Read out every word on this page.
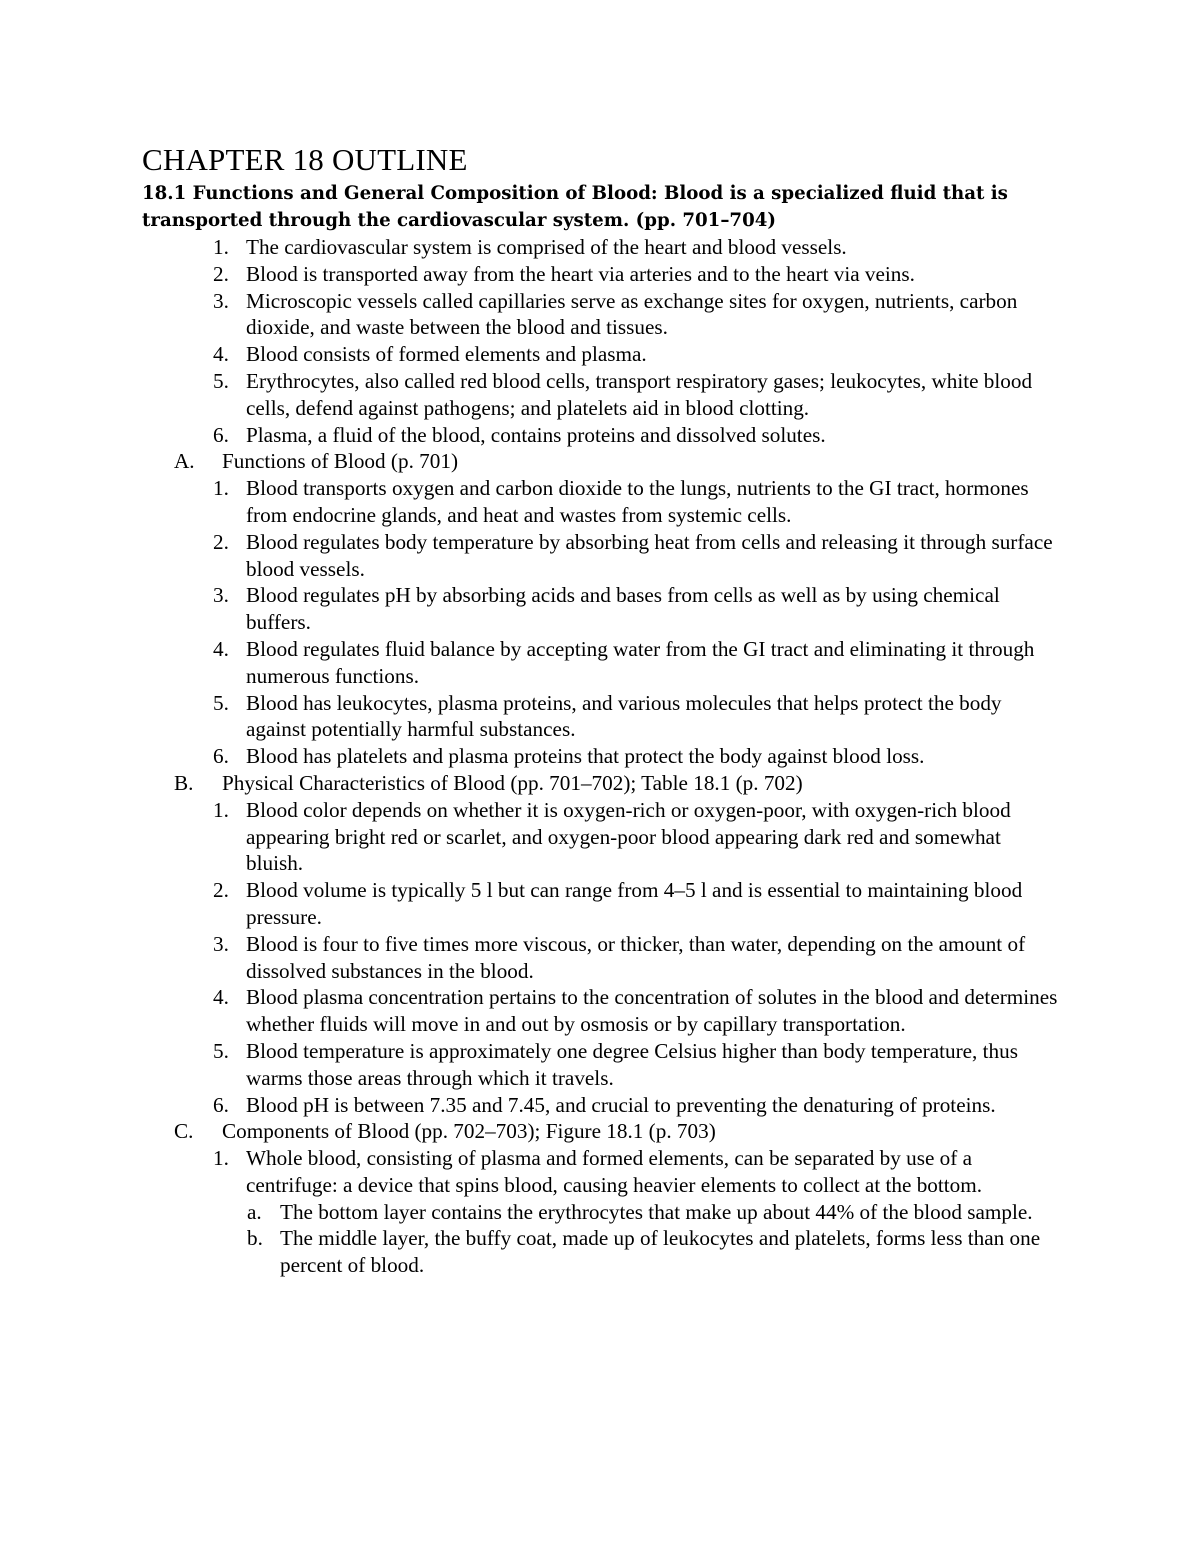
CHAPTER 18 OUTLINE

18.1 Functions and General Composition of Blood: Blood is a specialized fluid that is transported through the cardiovascular system. (pp. 701–704)

1. The cardiovascular system is comprised of the heart and blood vessels.
2. Blood is transported away from the heart via arteries and to the heart via veins.
3. Microscopic vessels called capillaries serve as exchange sites for oxygen, nutrients, carbon dioxide, and waste between the blood and tissues.
4. Blood consists of formed elements and plasma.
5. Erythrocytes, also called red blood cells, transport respiratory gases; leukocytes, white blood cells, defend against pathogens; and platelets aid in blood clotting.
6. Plasma, a fluid of the blood, contains proteins and dissolved solutes.
A. Functions of Blood (p. 701)
1. Blood transports oxygen and carbon dioxide to the lungs, nutrients to the GI tract, hormones from endocrine glands, and heat and wastes from systemic cells.
2. Blood regulates body temperature by absorbing heat from cells and releasing it through surface blood vessels.
3. Blood regulates pH by absorbing acids and bases from cells as well as by using chemical buffers.
4. Blood regulates fluid balance by accepting water from the GI tract and eliminating it through numerous functions.
5. Blood has leukocytes, plasma proteins, and various molecules that helps protect the body against potentially harmful substances.
6. Blood has platelets and plasma proteins that protect the body against blood loss.
B. Physical Characteristics of Blood (pp. 701–702); Table 18.1 (p. 702)
1. Blood color depends on whether it is oxygen-rich or oxygen-poor, with oxygen-rich blood appearing bright red or scarlet, and oxygen-poor blood appearing dark red and somewhat bluish.
2. Blood volume is typically 5 l but can range from 4–5 l and is essential to maintaining blood pressure.
3. Blood is four to five times more viscous, or thicker, than water, depending on the amount of dissolved substances in the blood.
4. Blood plasma concentration pertains to the concentration of solutes in the blood and determines whether fluids will move in and out by osmosis or by capillary transportation.
5. Blood temperature is approximately one degree Celsius higher than body temperature, thus warms those areas through which it travels.
6. Blood pH is between 7.35 and 7.45, and crucial to preventing the denaturing of proteins.
C. Components of Blood (pp. 702–703); Figure 18.1 (p. 703)
1. Whole blood, consisting of plasma and formed elements, can be separated by use of a centrifuge: a device that spins blood, causing heavier elements to collect at the bottom.
a. The bottom layer contains the erythrocytes that make up about 44% of the blood sample.
b. The middle layer, the buffy coat, made up of leukocytes and platelets, forms less than one percent of blood.
